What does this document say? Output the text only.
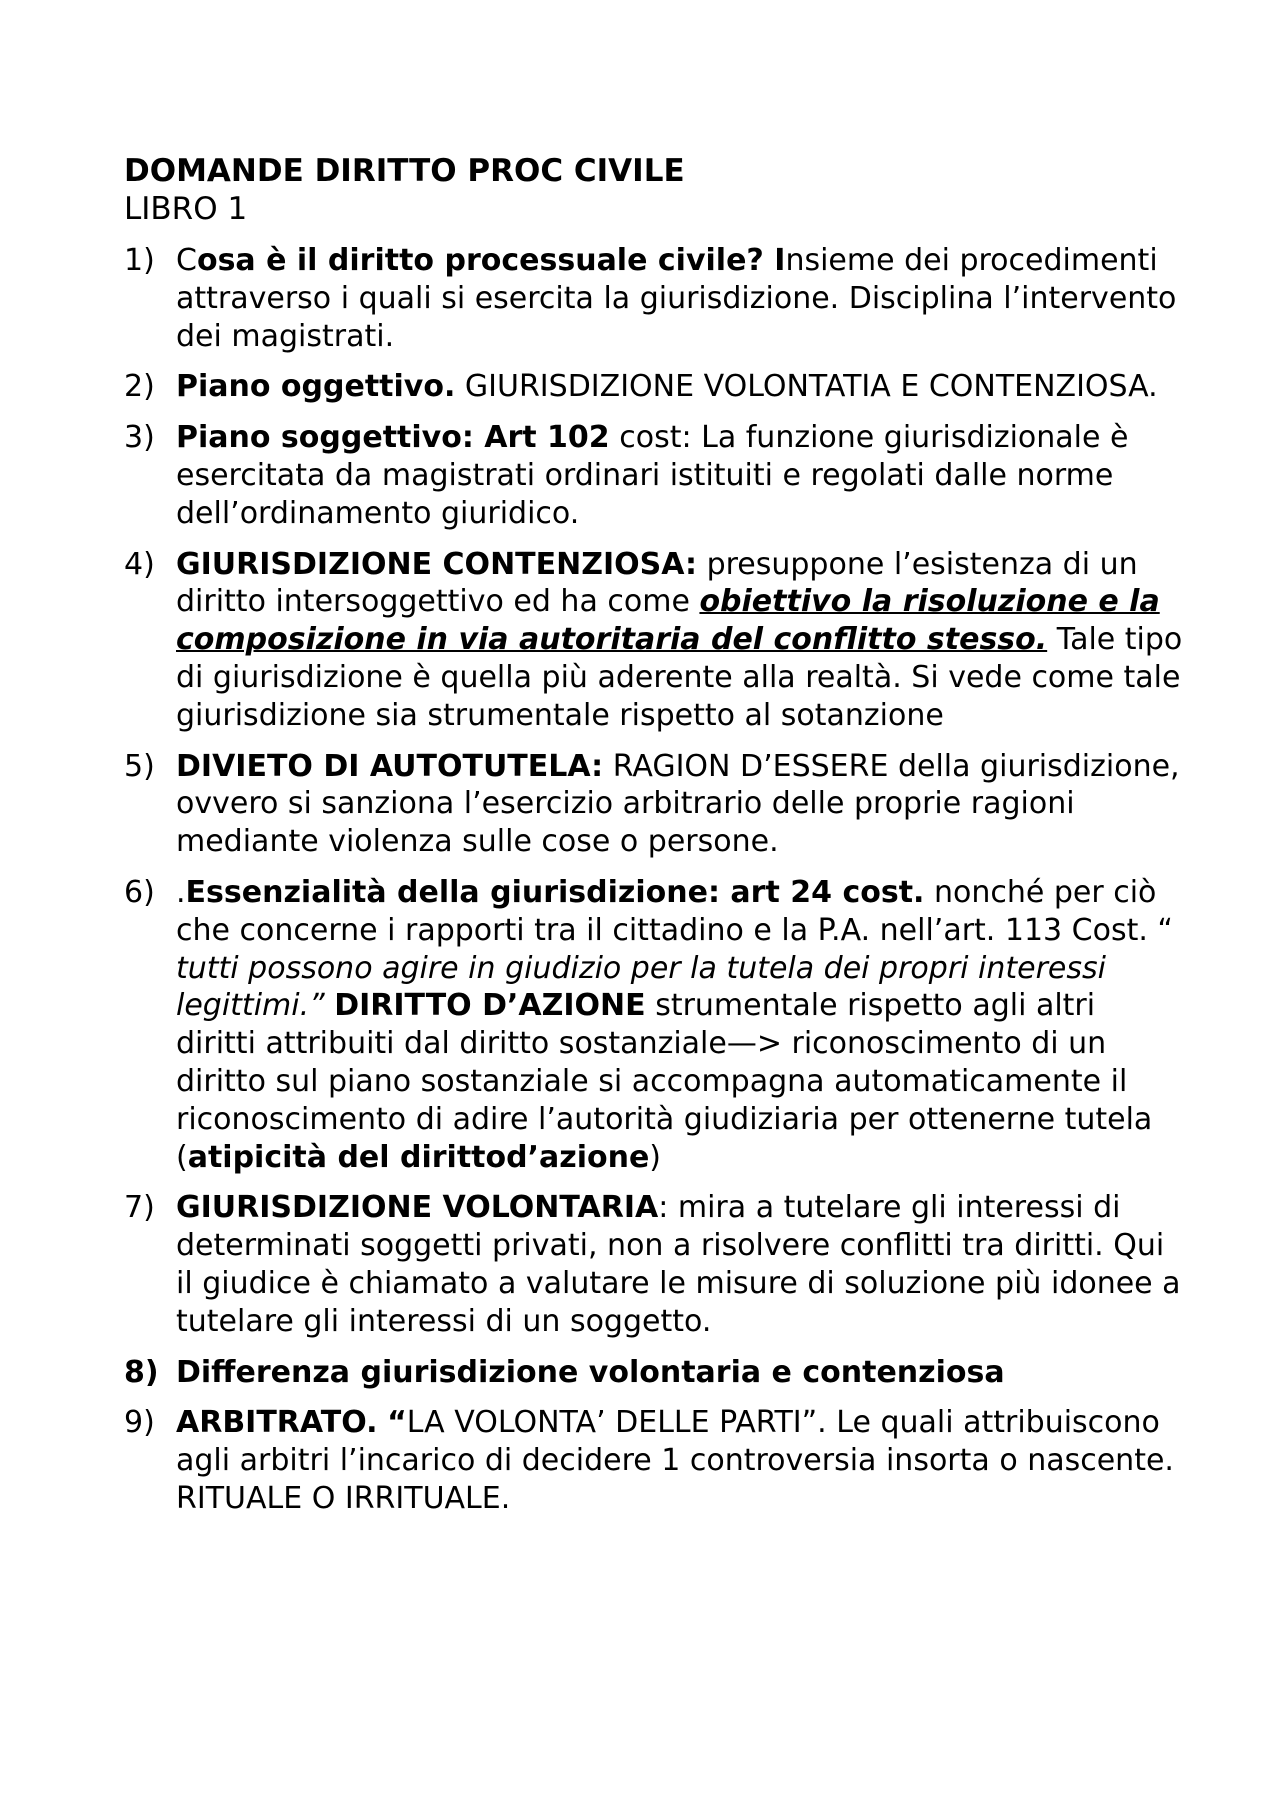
DOMANDE DIRITTO PROC CIVILE
LIBRO 1
1) Cosa è il diritto processuale civile? Insieme dei procedimenti attraverso i quali si esercita la giurisdizione. Disciplina l’intervento dei magistrati.
2) Piano oggettivo. GIURISDIZIONE VOLONTATIA E CONTENZIOSA.
3) Piano soggettivo: Art 102 cost: La funzione giurisdizionale è esercitata da magistrati ordinari istituiti e regolati dalle norme dell’ordinamento giuridico.
4) GIURISDIZIONE CONTENZIOSA: presuppone l’esistenza di un diritto intersoggettivo ed ha come obiettivo la risoluzione e la composizione in via autoritaria del conflitto stesso. Tale tipo di giurisdizione è quella più aderente alla realtà. Si vede come tale giurisdizione sia strumentale rispetto al sotanzione
5) DIVIETO DI AUTOTUTELA: RAGION D’ESSERE della giurisdizione, ovvero si sanziona l’esercizio arbitrario delle proprie ragioni mediante violenza sulle cose o persone.
6) .Essenzialità della giurisdizione: art 24 cost. nonché per ciò che concerne i rapporti tra il cittadino e la P.A. nell’art. 113 Cost. “ tutti possono agire in giudizio per la tutela dei propri interessi legittimi.” DIRITTO D’AZIONE strumentale rispetto agli altri diritti attribuiti dal diritto sostanziale—> riconoscimento di un diritto sul piano sostanziale si accompagna automaticamente il riconoscimento di adire l’autorità giudiziaria per ottenerne tutela (atipicità del dirittod’azione)
7) GIURISDIZIONE VOLONTARIA: mira a tutelare gli interessi di determinati soggetti privati, non a risolvere conflitti tra diritti. Qui il giudice è chiamato a valutare le misure di soluzione più idonee a tutelare gli interessi di un soggetto.
8) Differenza giurisdizione volontaria e contenziosa
9) ARBITRATO. “LA VOLONTA’ DELLE PARTI”. Le quali attribuiscono agli arbitri l’incarico di decidere 1 controversia insorta o nascente. RITUALE O IRRITUALE.
